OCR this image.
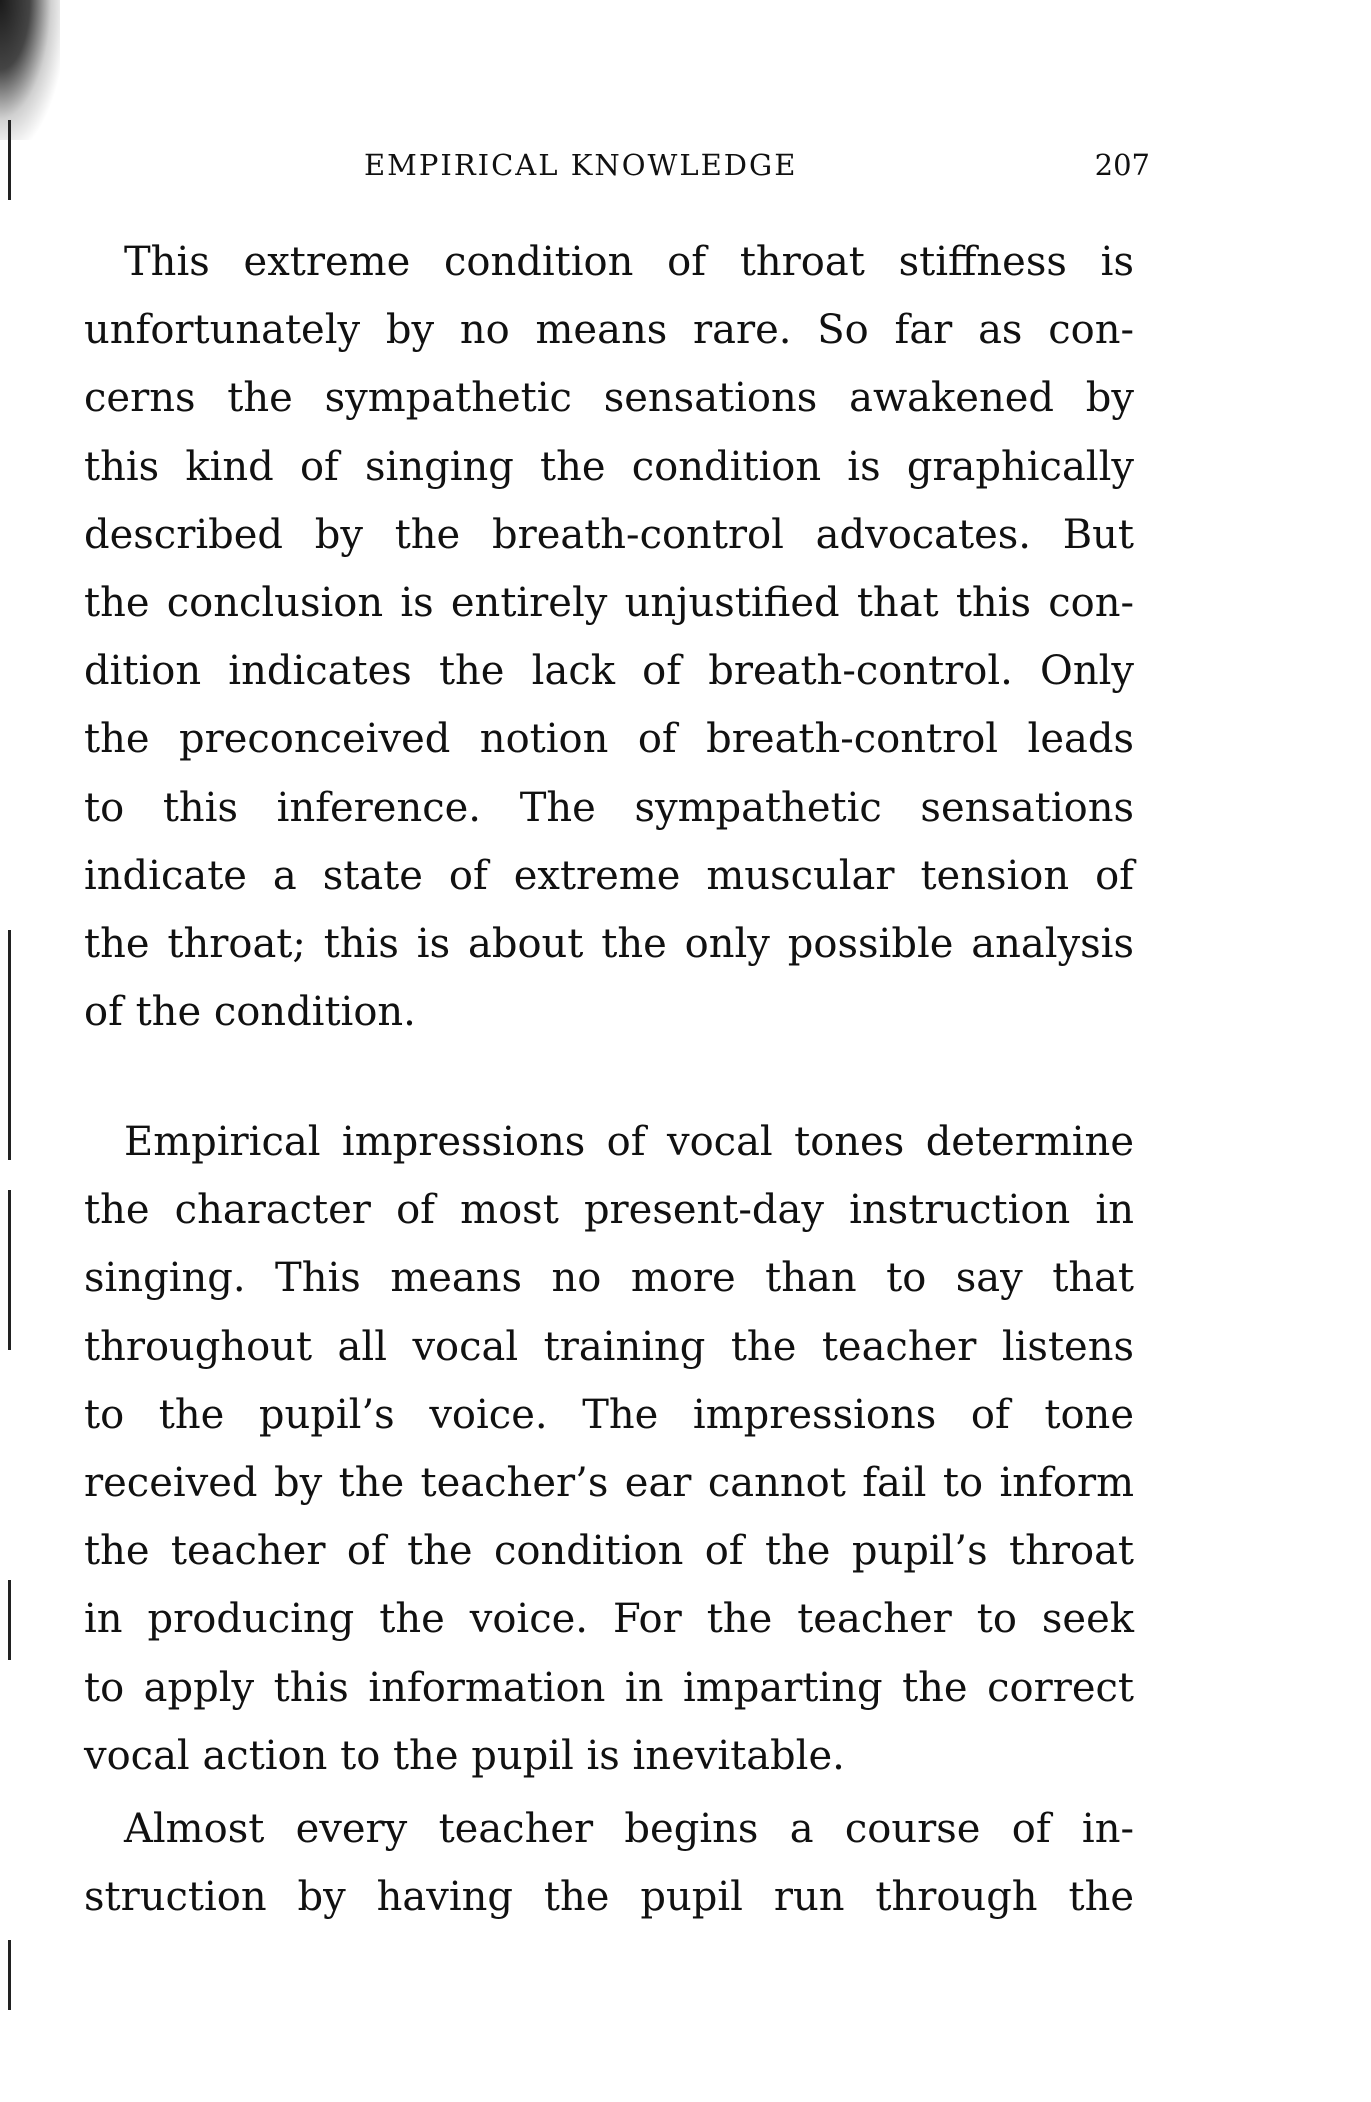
EMPIRICAL KNOWLEDGE	207

This extreme condition of throat stiffness is
unfortunately by no means rare. So far as con-
cerns the sympathetic sensations awakened by
this kind of singing the condition is graphically
described by the breath-control advocates. But
the conclusion is entirely unjustified that this con-
dition indicates the lack of breath-control. Only
the preconceived notion of breath-control leads
to this inference. The sympathetic sensations
indicate a state of extreme muscular tension of
the throat; this is about the only possible analysis
of the condition.

Empirical impressions of vocal tones determine
the character of most present-day instruction in
singing. This means no more than to say that
throughout all vocal training the teacher listens
to the pupil’s voice. The impressions of tone
received by the teacher’s ear cannot fail to inform
the teacher of the condition of the pupil’s throat
in producing the voice. For the teacher to seek
to apply this information in imparting the correct
vocal action to the pupil is inevitable.

Almost every teacher begins a course of in-
struction by having the pupil run through the
